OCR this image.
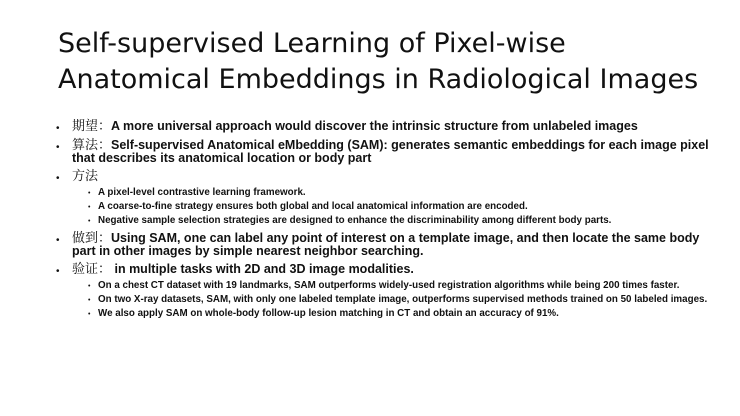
Self-supervised Learning of Pixel-wise
Anatomical Embeddings in Radiological Images
• 期望：A more universal approach would discover the intrinsic structure from unlabeled images
• 算法：Self-supervised Anatomical eMbedding (SAM): generates semantic embeddings for each image pixel that describes its anatomical location or body part
• 方法
• A pixel-level contrastive learning framework.
• A coarse-to-fine strategy ensures both global and local anatomical information are encoded.
• Negative sample selection strategies are designed to enhance the discriminability among different body parts.
• 做到：Using SAM, one can label any point of interest on a template image, and then locate the same body part in other images by simple nearest neighbor searching.
• 验证： in multiple tasks with 2D and 3D image modalities.
• On a chest CT dataset with 19 landmarks, SAM outperforms widely-used registration algorithms while being 200 times faster.
• On two X-ray datasets, SAM, with only one labeled template image, outperforms supervised methods trained on 50 labeled images.
• We also apply SAM on whole-body follow-up lesion matching in CT and obtain an accuracy of 91%.
